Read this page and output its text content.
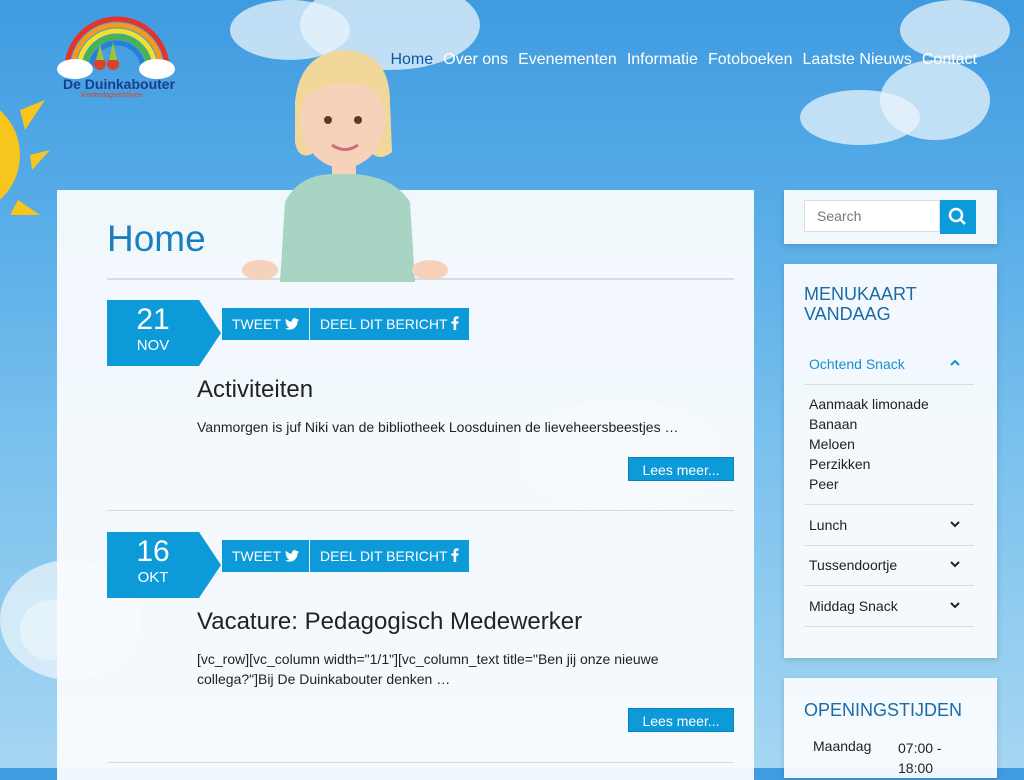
De Duinkabouter
Kinderdagverblijven
Home Over ons Evenementen Informatie Fotoboeken Laatste Nieuws Contact
Home
21
NOV
TWEET	DEEL DIT BERICHT
Activiteiten
Vanmorgen is juf Niki van de bibliotheek Loosduinen de lieveheersbeestjes …
Lees meer...
16
OKT
TWEET	DEEL DIT BERICHT
Vacature: Pedagogisch Medewerker
[vc_row][vc_column width="1/1"][vc_column_text title="Ben jij onze nieuwe collega?"]Bij De Duinkabouter denken …
Lees meer...
Search
MENUKAART VANDAAG
Ochtend Snack
Aanmaak limonade
Banaan
Meloen
Perzikken
Peer
Lunch
Tussendoortje
Middag Snack
OPENINGSTIJDEN
Maandag 07:00 - 18:00
